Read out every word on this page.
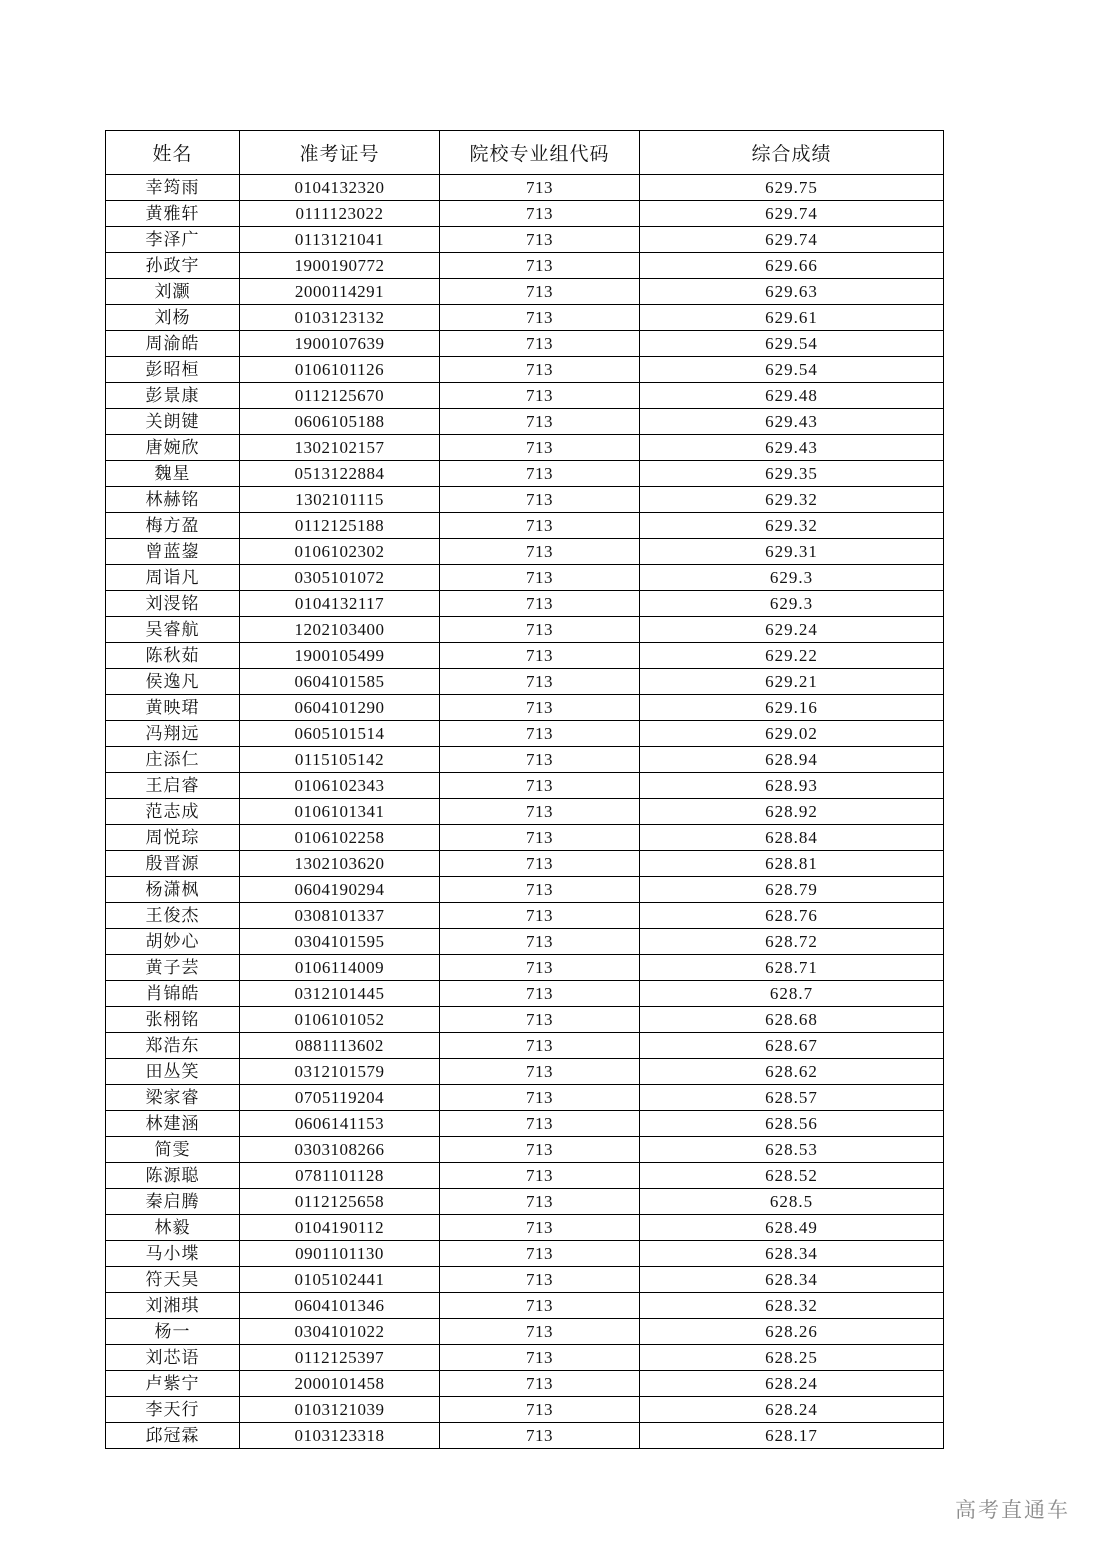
姓名	准考证号	院校专业组代码	综合成绩
幸筠雨	0104132320	713	629.75
黄雅轩	0111123022	713	629.74
李泽广	0113121041	713	629.74
孙政宇	1900190772	713	629.66
刘灏	2000114291	713	629.63
刘杨	0103123132	713	629.61
周渝皓	1900107639	713	629.54
彭昭桓	0106101126	713	629.54
彭景康	0112125670	713	629.48
关朗键	0606105188	713	629.43
唐婉欣	1302102157	713	629.43
魏星	0513122884	713	629.35
林赫铭	1302101115	713	629.32
梅方盈	0112125188	713	629.32
曾蓝鋆	0106102302	713	629.31
周诣凡	0305101072	713	629.3
刘渂铭	0104132117	713	629.3
吴睿航	1202103400	713	629.24
陈秋茹	1900105499	713	629.22
侯逸凡	0604101585	713	629.21
黄映珺	0604101290	713	629.16
冯翔远	0605101514	713	629.02
庄添仁	0115105142	713	628.94
王启睿	0106102343	713	628.93
范志成	0106101341	713	628.92
周悦琮	0106102258	713	628.84
殷晋源	1302103620	713	628.81
杨潇枫	0604190294	713	628.79
王俊杰	0308101337	713	628.76
胡妙心	0304101595	713	628.72
黄子芸	0106114009	713	628.71
肖锦皓	0312101445	713	628.7
张栩铭	0106101052	713	628.68
郑浩东	0881113602	713	628.67
田丛笑	0312101579	713	628.62
梁家睿	0705119204	713	628.57
林建涵	0606141153	713	628.56
简雯	0303108266	713	628.53
陈源聪	0781101128	713	628.52
秦启腾	0112125658	713	628.5
林毅	0104190112	713	628.49
马小堞	0901101130	713	628.34
符天昊	0105102441	713	628.34
刘湘琪	0604101346	713	628.32
杨一	0304101022	713	628.26
刘芯语	0112125397	713	628.25
卢紫宁	2000101458	713	628.24
李天行	0103121039	713	628.24
邱冠霖	0103123318	713	628.17
高考直通车
